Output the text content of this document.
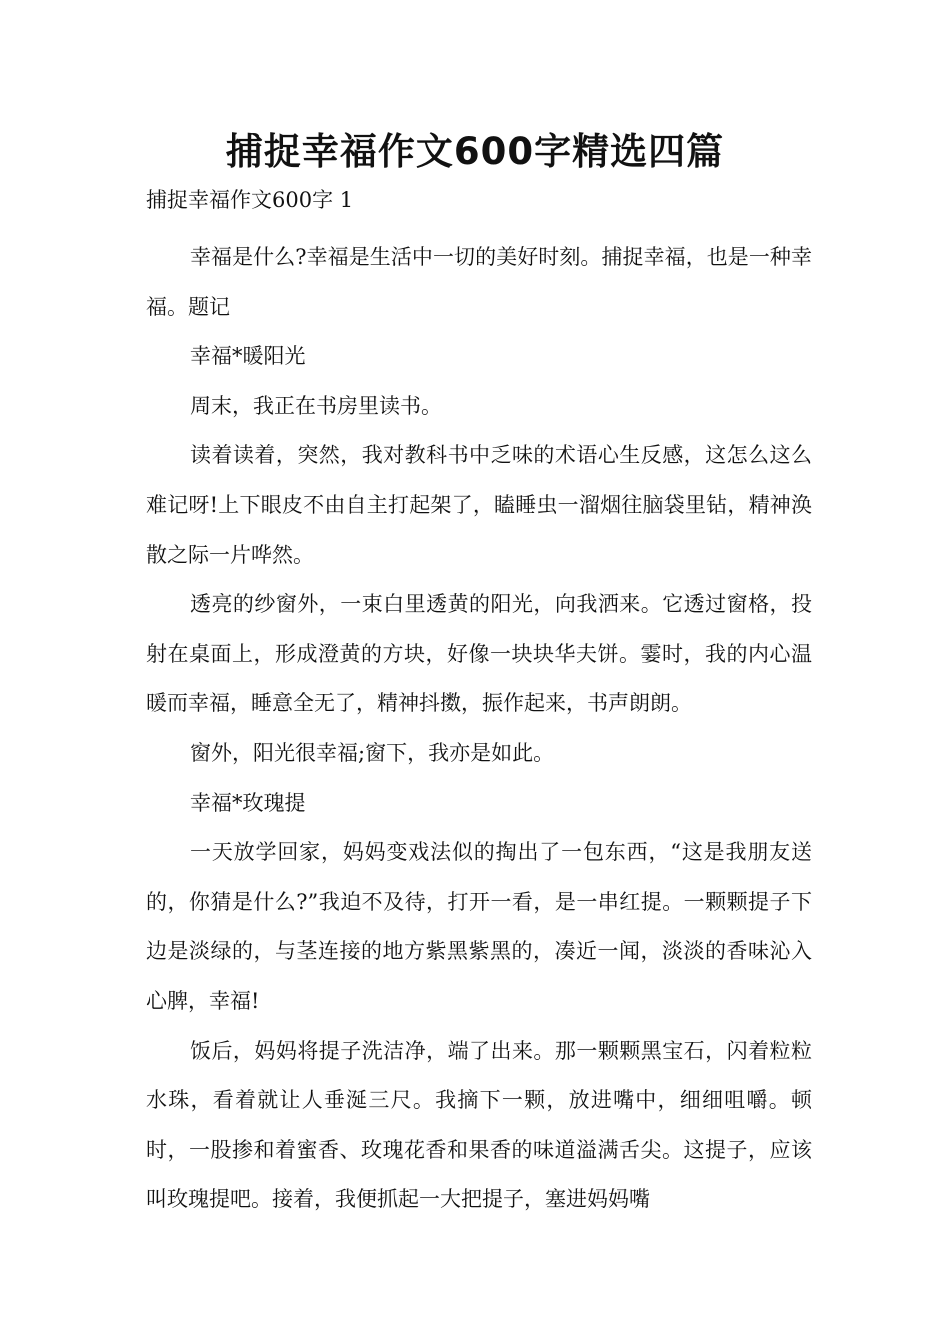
捕捉幸福作文600字精选四篇

捕捉幸福作文600字 1

幸福是什么?幸福是生活中一切的美好时刻。捕捉幸福，也是一种幸福。题记

幸福*暖阳光

周末，我正在书房里读书。

读着读着，突然，我对教科书中乏味的术语心生反感，这怎么这么难记呀!上下眼皮不由自主打起架了，瞌睡虫一溜烟往脑袋里钻，精神涣散之际一片哗然。

透亮的纱窗外，一束白里透黄的阳光，向我洒来。它透过窗格，投射在桌面上，形成澄黄的方块，好像一块块华夫饼。霎时，我的内心温暖而幸福，睡意全无了，精神抖擞，振作起来，书声朗朗。

窗外，阳光很幸福;窗下，我亦是如此。

幸福*玫瑰提

一天放学回家，妈妈变戏法似的掏出了一包东西，“这是我朋友送的，你猜是什么?”我迫不及待，打开一看，是一串红提。一颗颗提子下边是淡绿的，与茎连接的地方紫黑紫黑的，凑近一闻，淡淡的香味沁入心脾，幸福!

饭后，妈妈将提子洗洁净，端了出来。那一颗颗黑宝石，闪着粒粒水珠，看着就让人垂涎三尺。我摘下一颗，放进嘴中，细细咀嚼。顿时，一股掺和着蜜香、玫瑰花香和果香的味道溢满舌尖。这提子，应该叫玫瑰提吧。接着，我便抓起一大把提子，塞进妈妈嘴
